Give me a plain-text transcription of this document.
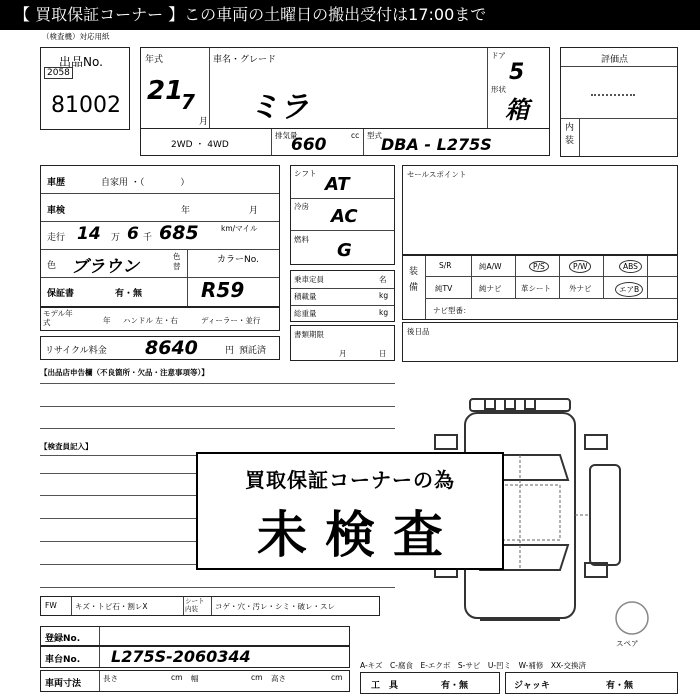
【 買取保証コーナー 】この車両の土曜日の搬出受付は17:00まで
（検査機）対応用紙
出品No.
2058
81002
年式
21
7
月
車名・グレード
ミラ
ドア
5
形状
箱
2WD ・ 4WD
排気量
660	cc 型式 DBA - L275S
評価点
内装
車歴	自家用 ・（　　　　）
車検	年	月
走行 14 万 6 千 685	km/マイル
色 ブラウン
色替
カラーNo.
保証書	有・無	R59
モデル年式	年 ハンドル 左・右	ディーラー・並行
リサイクル料金 8640	円 預託済
シフト
AT
冷房 AC
燃料
G
乗車定員	名
積載量	kg
総重量	kg
書類期限
月	日
セールスポイント
装備
S/R	純A/W	P/S	P/W	ABS
純TV	純ナビ	革シート 外ナビ	エアB
ナビ型番：
後日品
【出品店申告欄（不良箇所・欠品・注意事項等）】
【検査員記入】
買取保証コーナーの為
未検査
FW キズ・トビ石・割レX
シート内装	コゲ・穴・汚レ・シミ・破レ・スレ
スペア
登録No.
車台No. L275S-2060344
車両寸法
長さ	cm 幅	cm 高さ	cm
A-キズ　C-腐食　E-エクボ　S-サビ　U-凹ミ　W-補修　XX-交換済
工　具	有・無	ジャッキ	有・無
